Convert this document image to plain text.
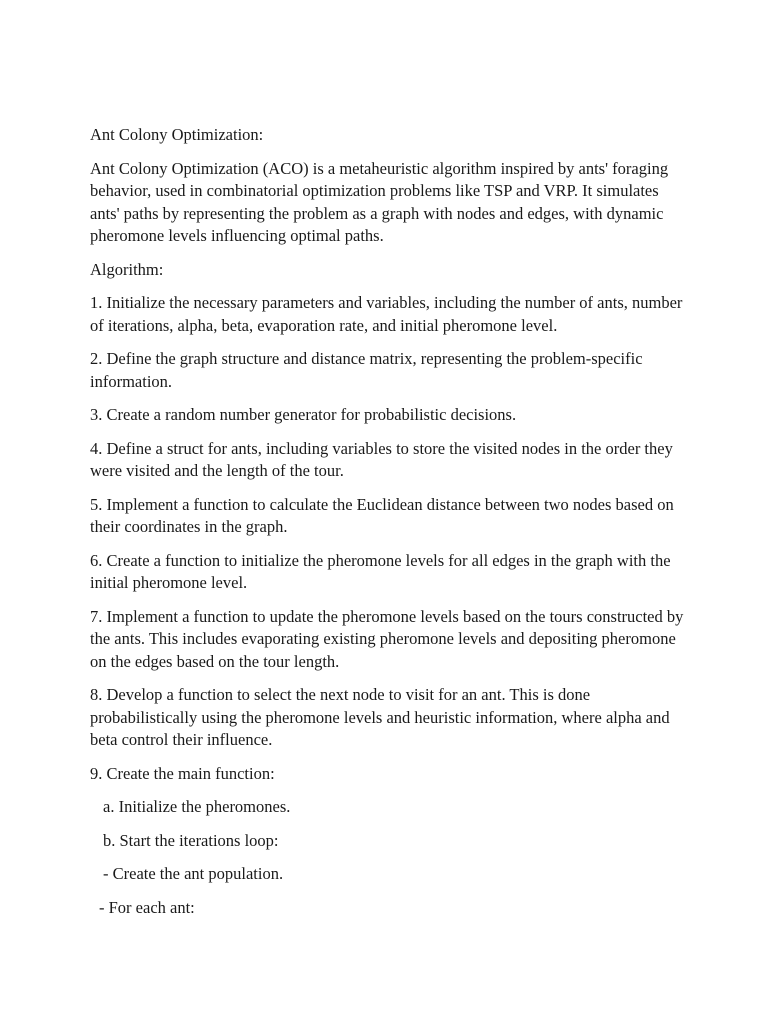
Ant Colony Optimization:

Ant Colony Optimization (ACO) is a metaheuristic algorithm inspired by ants' foraging behavior, used in combinatorial optimization problems like TSP and VRP. It simulates ants' paths by representing the problem as a graph with nodes and edges, with dynamic pheromone levels influencing optimal paths.

Algorithm:

1. Initialize the necessary parameters and variables, including the number of ants, number of iterations, alpha, beta, evaporation rate, and initial pheromone level.

2. Define the graph structure and distance matrix, representing the problem-specific information.

3. Create a random number generator for probabilistic decisions.

4. Define a struct for ants, including variables to store the visited nodes in the order they were visited and the length of the tour.

5. Implement a function to calculate the Euclidean distance between two nodes based on their coordinates in the graph.

6. Create a function to initialize the pheromone levels for all edges in the graph with the initial pheromone level.

7. Implement a function to update the pheromone levels based on the tours constructed by the ants. This includes evaporating existing pheromone levels and depositing pheromone on the edges based on the tour length.

8. Develop a function to select the next node to visit for an ant. This is done probabilistically using the pheromone levels and heuristic information, where alpha and beta control their influence.

9. Create the main function:

a. Initialize the pheromones.

b. Start the iterations loop:

- Create the ant population.

- For each ant:
